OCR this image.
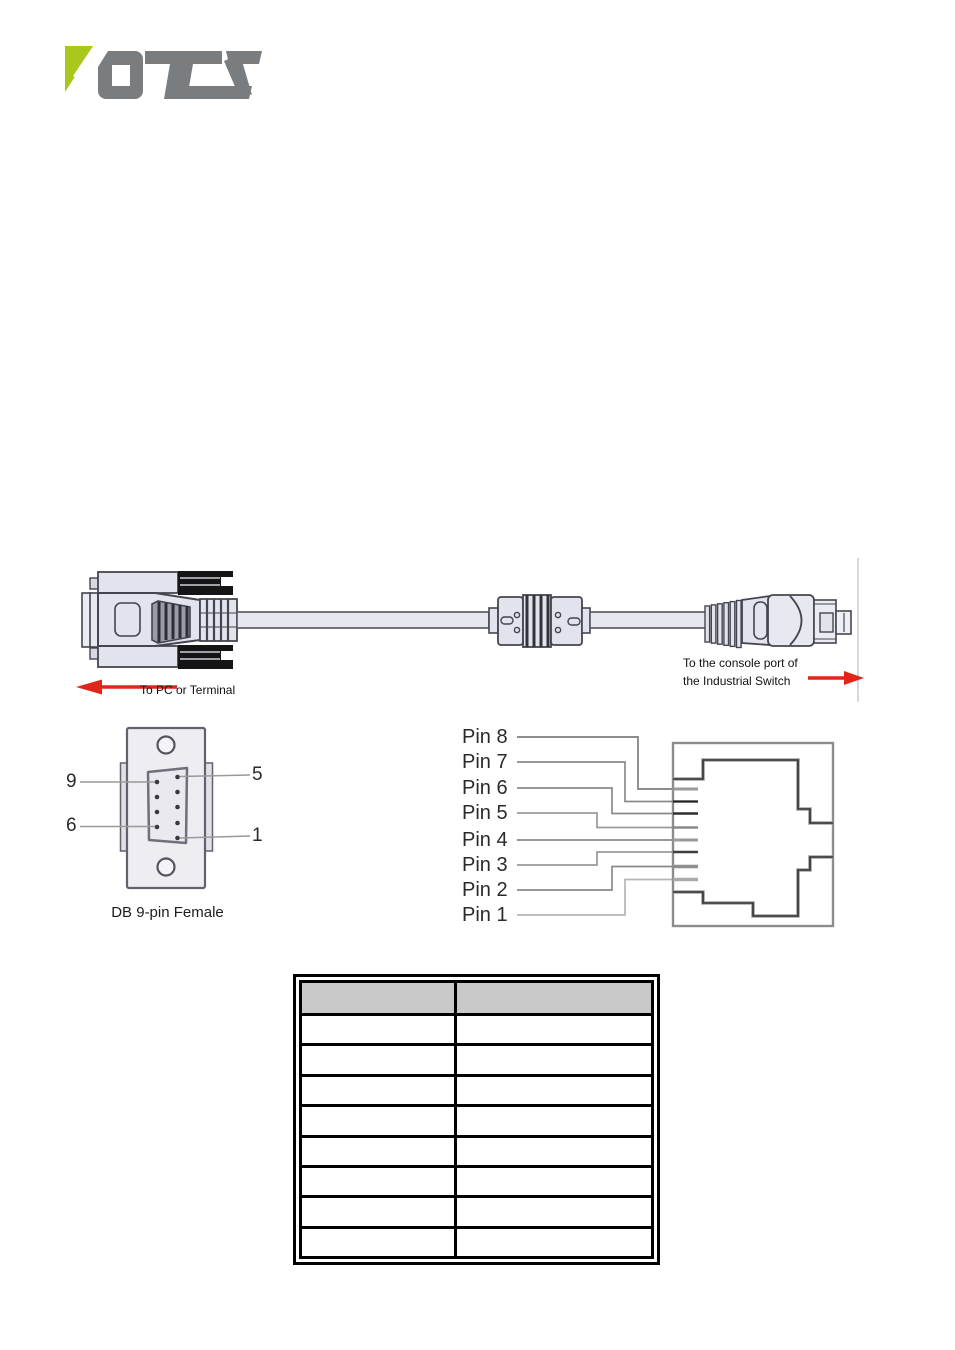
To PC or Terminal
To the console port of
the Industrial Switch
9
6
5
1
DB 9-pin Female
Pin 8
Pin 7
Pin 6
Pin 5
Pin 4
Pin 3
Pin 2
Pin 1
